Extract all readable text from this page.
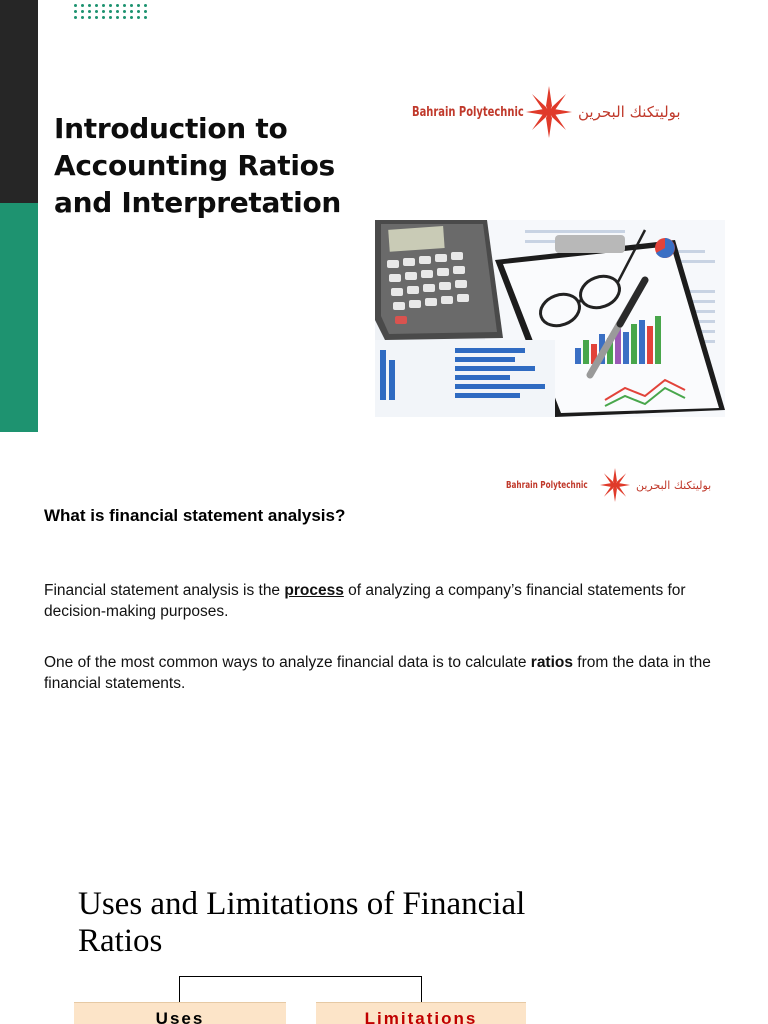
Introduction to Accounting Ratios and Interpretation
Bahrain Polytechnic	بوليتكنك البحرين
Bahrain Polytechnic	بوليتكنك البحرين
What is financial statement analysis?
Financial statement analysis is the process of analyzing a company’s financial statements for decision-making purposes.
One of the most common ways to analyze financial data is to calculate ratios from the data in the financial statements.
Uses and Limitations of Financial Ratios
Uses	Limitations
